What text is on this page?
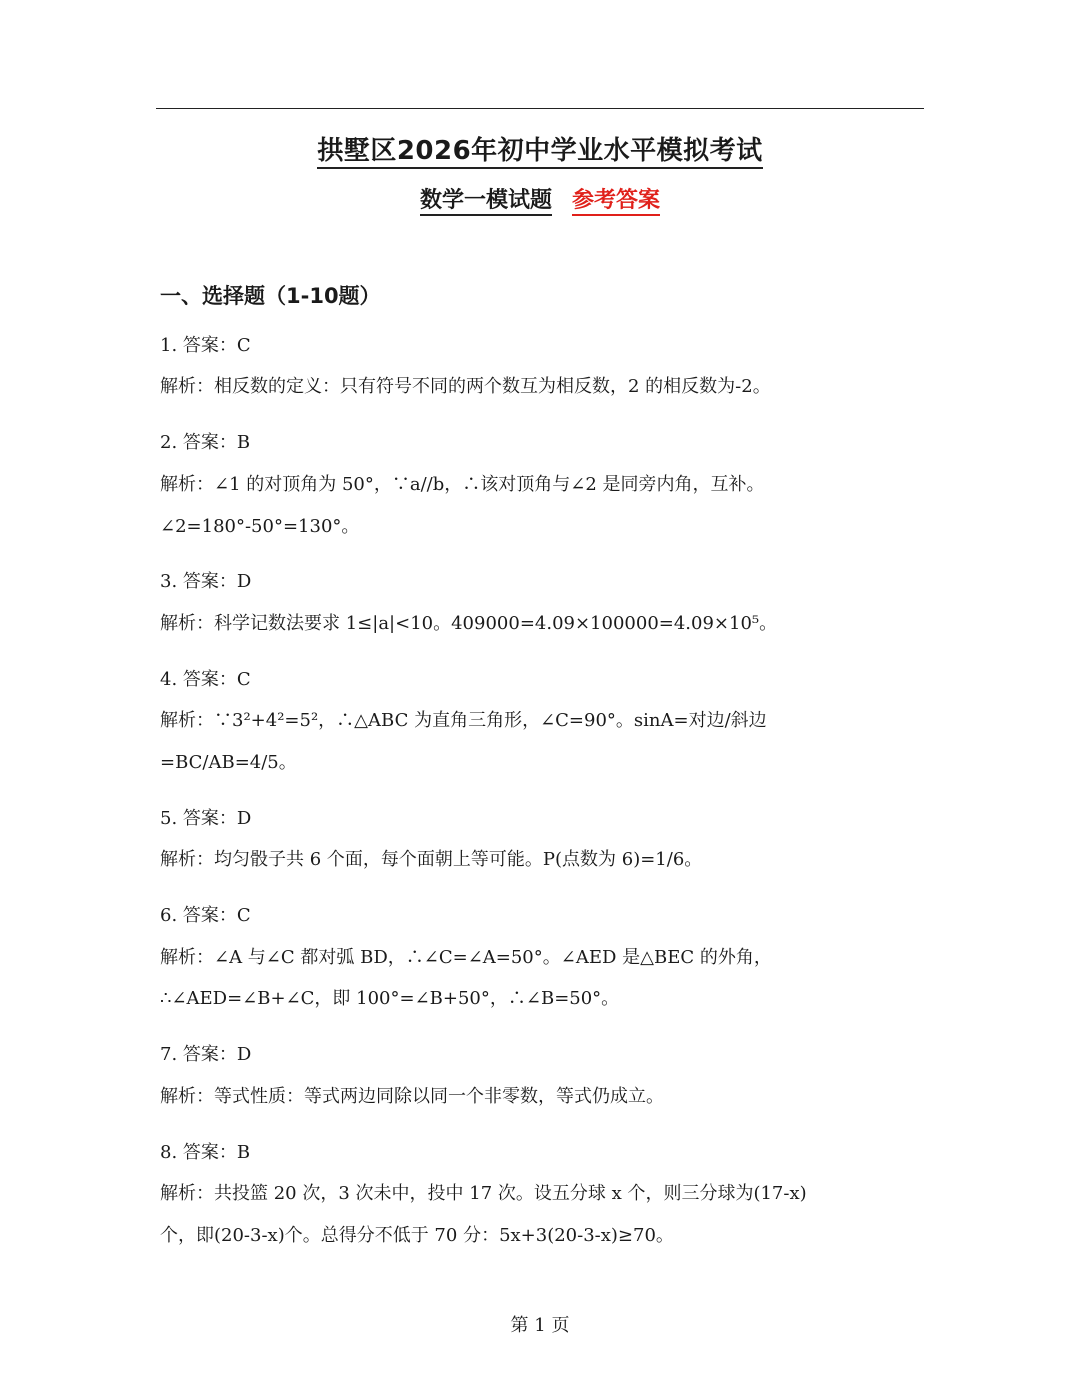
拱墅区2026年初中学业水平模拟考试
数学一模试题 参考答案
一、选择题（1-10题）
1. 答案：C
解析：相反数的定义：只有符号不同的两个数互为相反数，2 的相反数为-2。
2. 答案：B
解析：∠1 的对顶角为 50°，∵a//b，∴该对顶角与∠2 是同旁内角，互补。
∠2=180°-50°=130°。
3. 答案：D
解析：科学记数法要求 1≤|a|<10。409000=4.09×100000=4.09×10⁵。
4. 答案：C
解析：∵3²+4²=5²，∴△ABC 为直角三角形，∠C=90°。sinA=对边/斜边
=BC/AB=4/5。
5. 答案：D
解析：均匀骰子共 6 个面，每个面朝上等可能。P(点数为 6)=1/6。
6. 答案：C
解析：∠A 与∠C 都对弧 BD，∴∠C=∠A=50°。∠AED 是△BEC 的外角，
∴∠AED=∠B+∠C，即 100°=∠B+50°，∴∠B=50°。
7. 答案：D
解析：等式性质：等式两边同除以同一个非零数，等式仍成立。
8. 答案：B
解析：共投篮 20 次，3 次未中，投中 17 次。设五分球 x 个，则三分球为(17-x)
个，即(20-3-x)个。总得分不低于 70 分：5x+3(20-3-x)≥70。
第 1 页
